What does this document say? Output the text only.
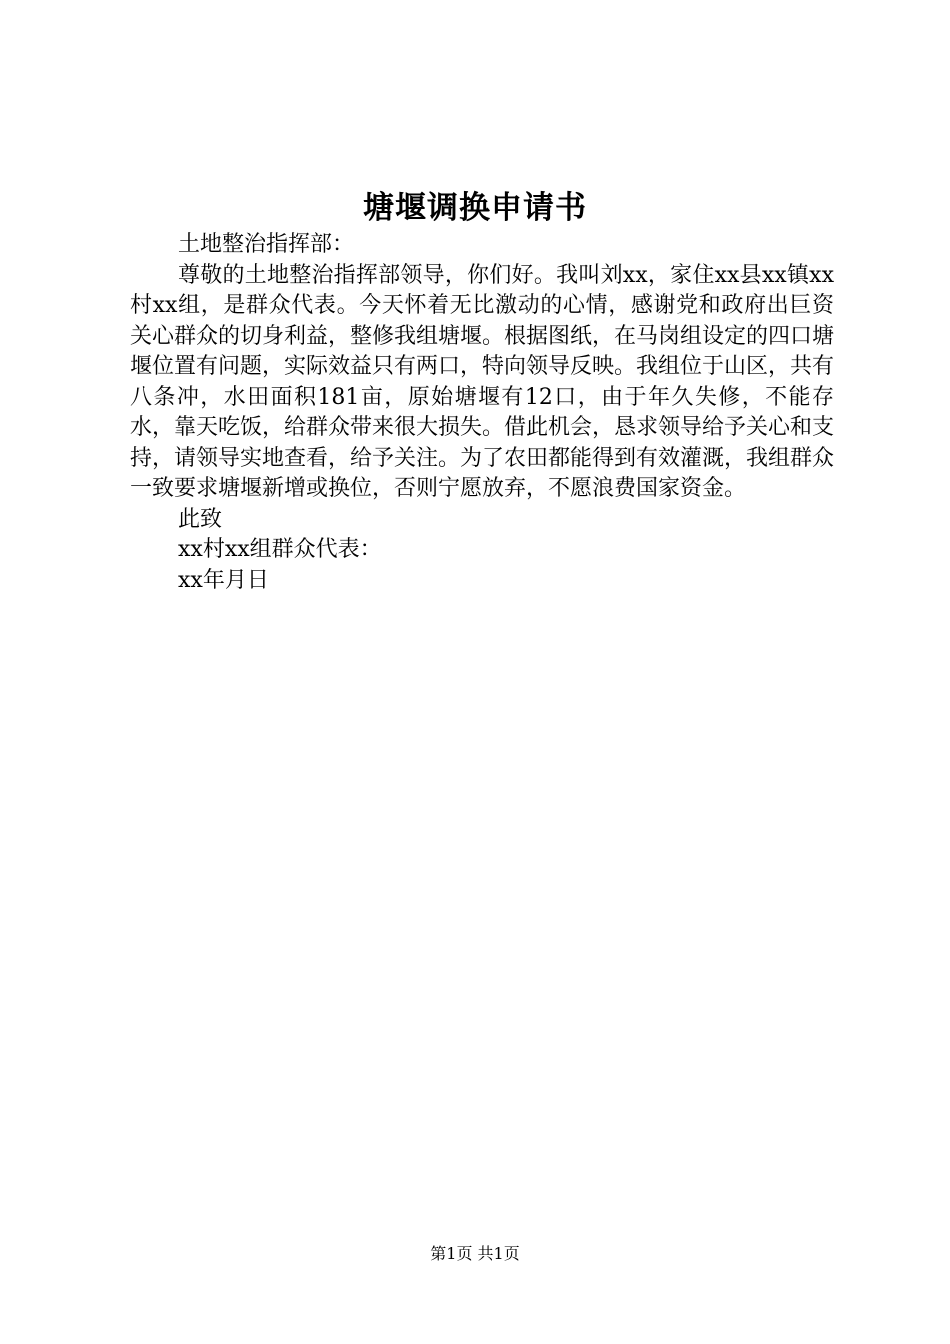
塘堰调换申请书

土地整治指挥部：

尊敬的土地整治指挥部领导，你们好。我叫刘xx，家住xx县xx镇xx村xx组，是群众代表。今天怀着无比激动的心情，感谢党和政府出巨资关心群众的切身利益，整修我组塘堰。根据图纸，在马岗组设定的四口塘堰位置有问题，实际效益只有两口，特向领导反映。我组位于山区，共有八条冲，水田面积181亩，原始塘堰有12口，由于年久失修，不能存水，靠天吃饭，给群众带来很大损失。借此机会，恳求领导给予关心和支持，请领导实地查看，给予关注。为了农田都能得到有效灌溉，我组群众一致要求塘堰新增或换位，否则宁愿放弃，不愿浪费国家资金。

此致

xx村xx组群众代表：

xx年月日

第1页 共1页
